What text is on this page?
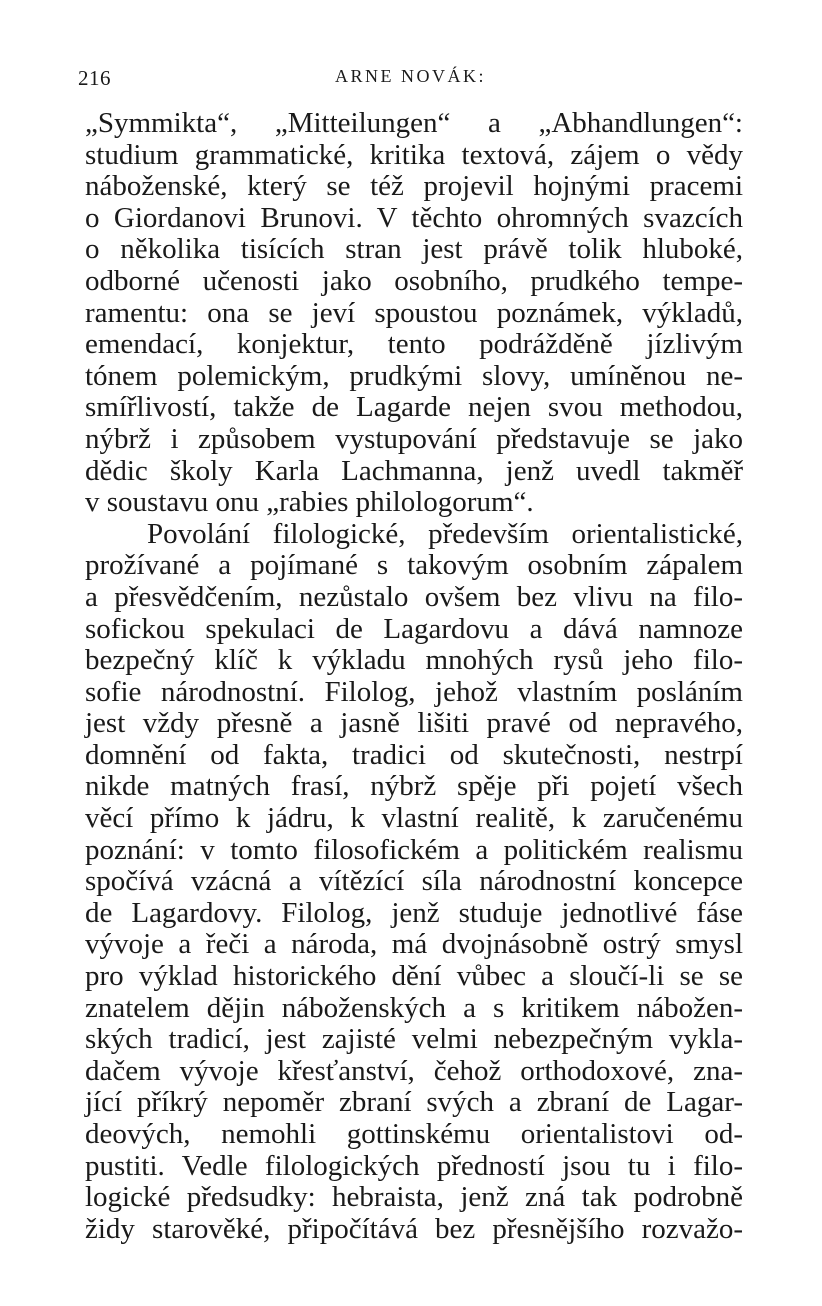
216	ARNE NOVÁK:
„Symmikta“, „Mitteilungen“ a „Abhandlungen“:
studium grammatické, kritika textová, zájem o vědy
náboženské, který se též projevil hojnými pracemi
o Giordanovi Brunovi. V těchto ohromných svazcích
o několika tisících stran jest právě tolik hluboké,
odborné učenosti jako osobního, prudkého tempe-
ramentu: ona se jeví spoustou poznámek, výkladů,
emendací, konjektur, tento podrážděně jízlivým
tónem polemickým, prudkými slovy, umíněnou ne-
smířlivostí, takže de Lagarde nejen svou methodou,
nýbrž i způsobem vystupování představuje se jako
dědic školy Karla Lachmanna, jenž uvedl takměř
v soustavu onu „rabies philologorum“.
Povolání filologické, především orientalistické,
prožívané a pojímané s takovým osobním zápalem
a přesvědčením, nezůstalo ovšem bez vlivu na filo-
sofickou spekulaci de Lagardovu a dává namnoze
bezpečný klíč k výkladu mnohých rysů jeho filo-
sofie národnostní. Filolog, jehož vlastním posláním
jest vždy přesně a jasně lišiti pravé od nepravého,
domnění od fakta, tradici od skutečnosti, nestrpí
nikde matných frasí, nýbrž spěje při pojetí všech
věcí přímo k jádru, k vlastní realitě, k zaručenému
poznání: v tomto filosofickém a politickém realismu
spočívá vzácná a vítězící síla národnostní koncepce
de Lagardovy. Filolog, jenž studuje jednotlivé fáse
vývoje a řeči a národa, má dvojnásobně ostrý smysl
pro výklad historického dění vůbec a sloučí-li se se
znatelem dějin náboženských a s kritikem nábožen-
ských tradicí, jest zajisté velmi nebezpečným vykla-
dačem vývoje křesťanství, čehož orthodoxové, zna-
jící příkrý nepoměr zbraní svých a zbraní de Lagar-
deových, nemohli gottinskému orientalistovi od-
pustiti. Vedle filologických předností jsou tu i filo-
logické předsudky: hebraista, jenž zná tak podrobně
židy starověké, připočítává bez přesnějšího rozvažo-
